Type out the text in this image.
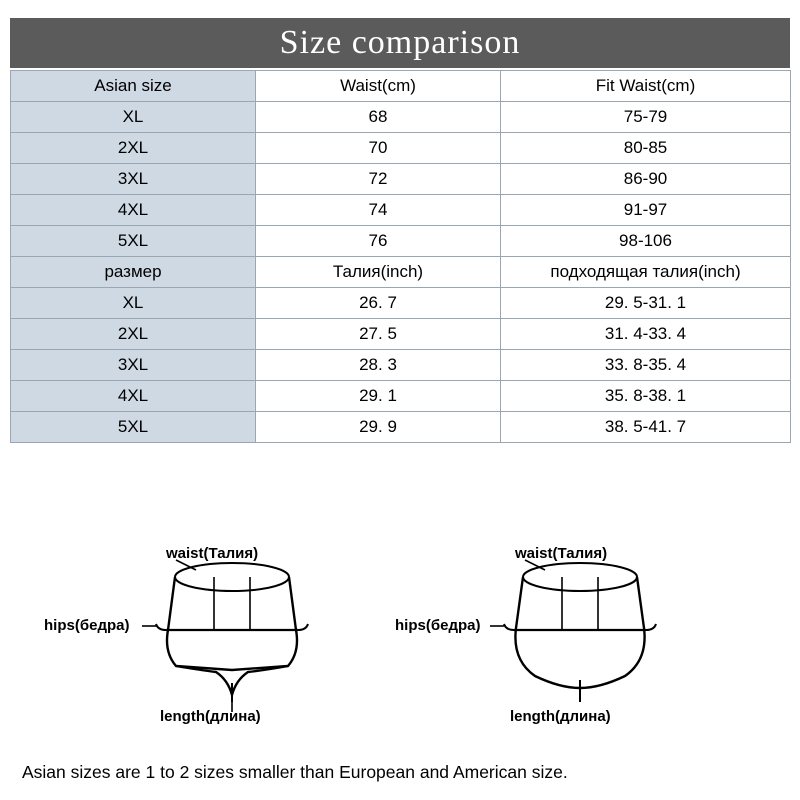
Size comparison
Asian size	Waist(cm)	Fit Waist(cm)
XL	68	75-79
2XL	70	80-85
3XL	72	86-90
4XL	74	91-97
5XL	76	98-106
размер	Талия(inch)	подходящая талия(inch)
XL	26. 7	29. 5-31. 1
2XL	27. 5	31. 4-33. 4
3XL	28. 3	33. 8-35. 4
4XL	29. 1	35. 8-38. 1
5XL	29. 9	38. 5-41. 7
waist(Талия)
hips(бедра)
length(длина)
waist(Талия)
hips(бедра)
length(длина)
Asian sizes are 1 to 2 sizes smaller than European and American size.
